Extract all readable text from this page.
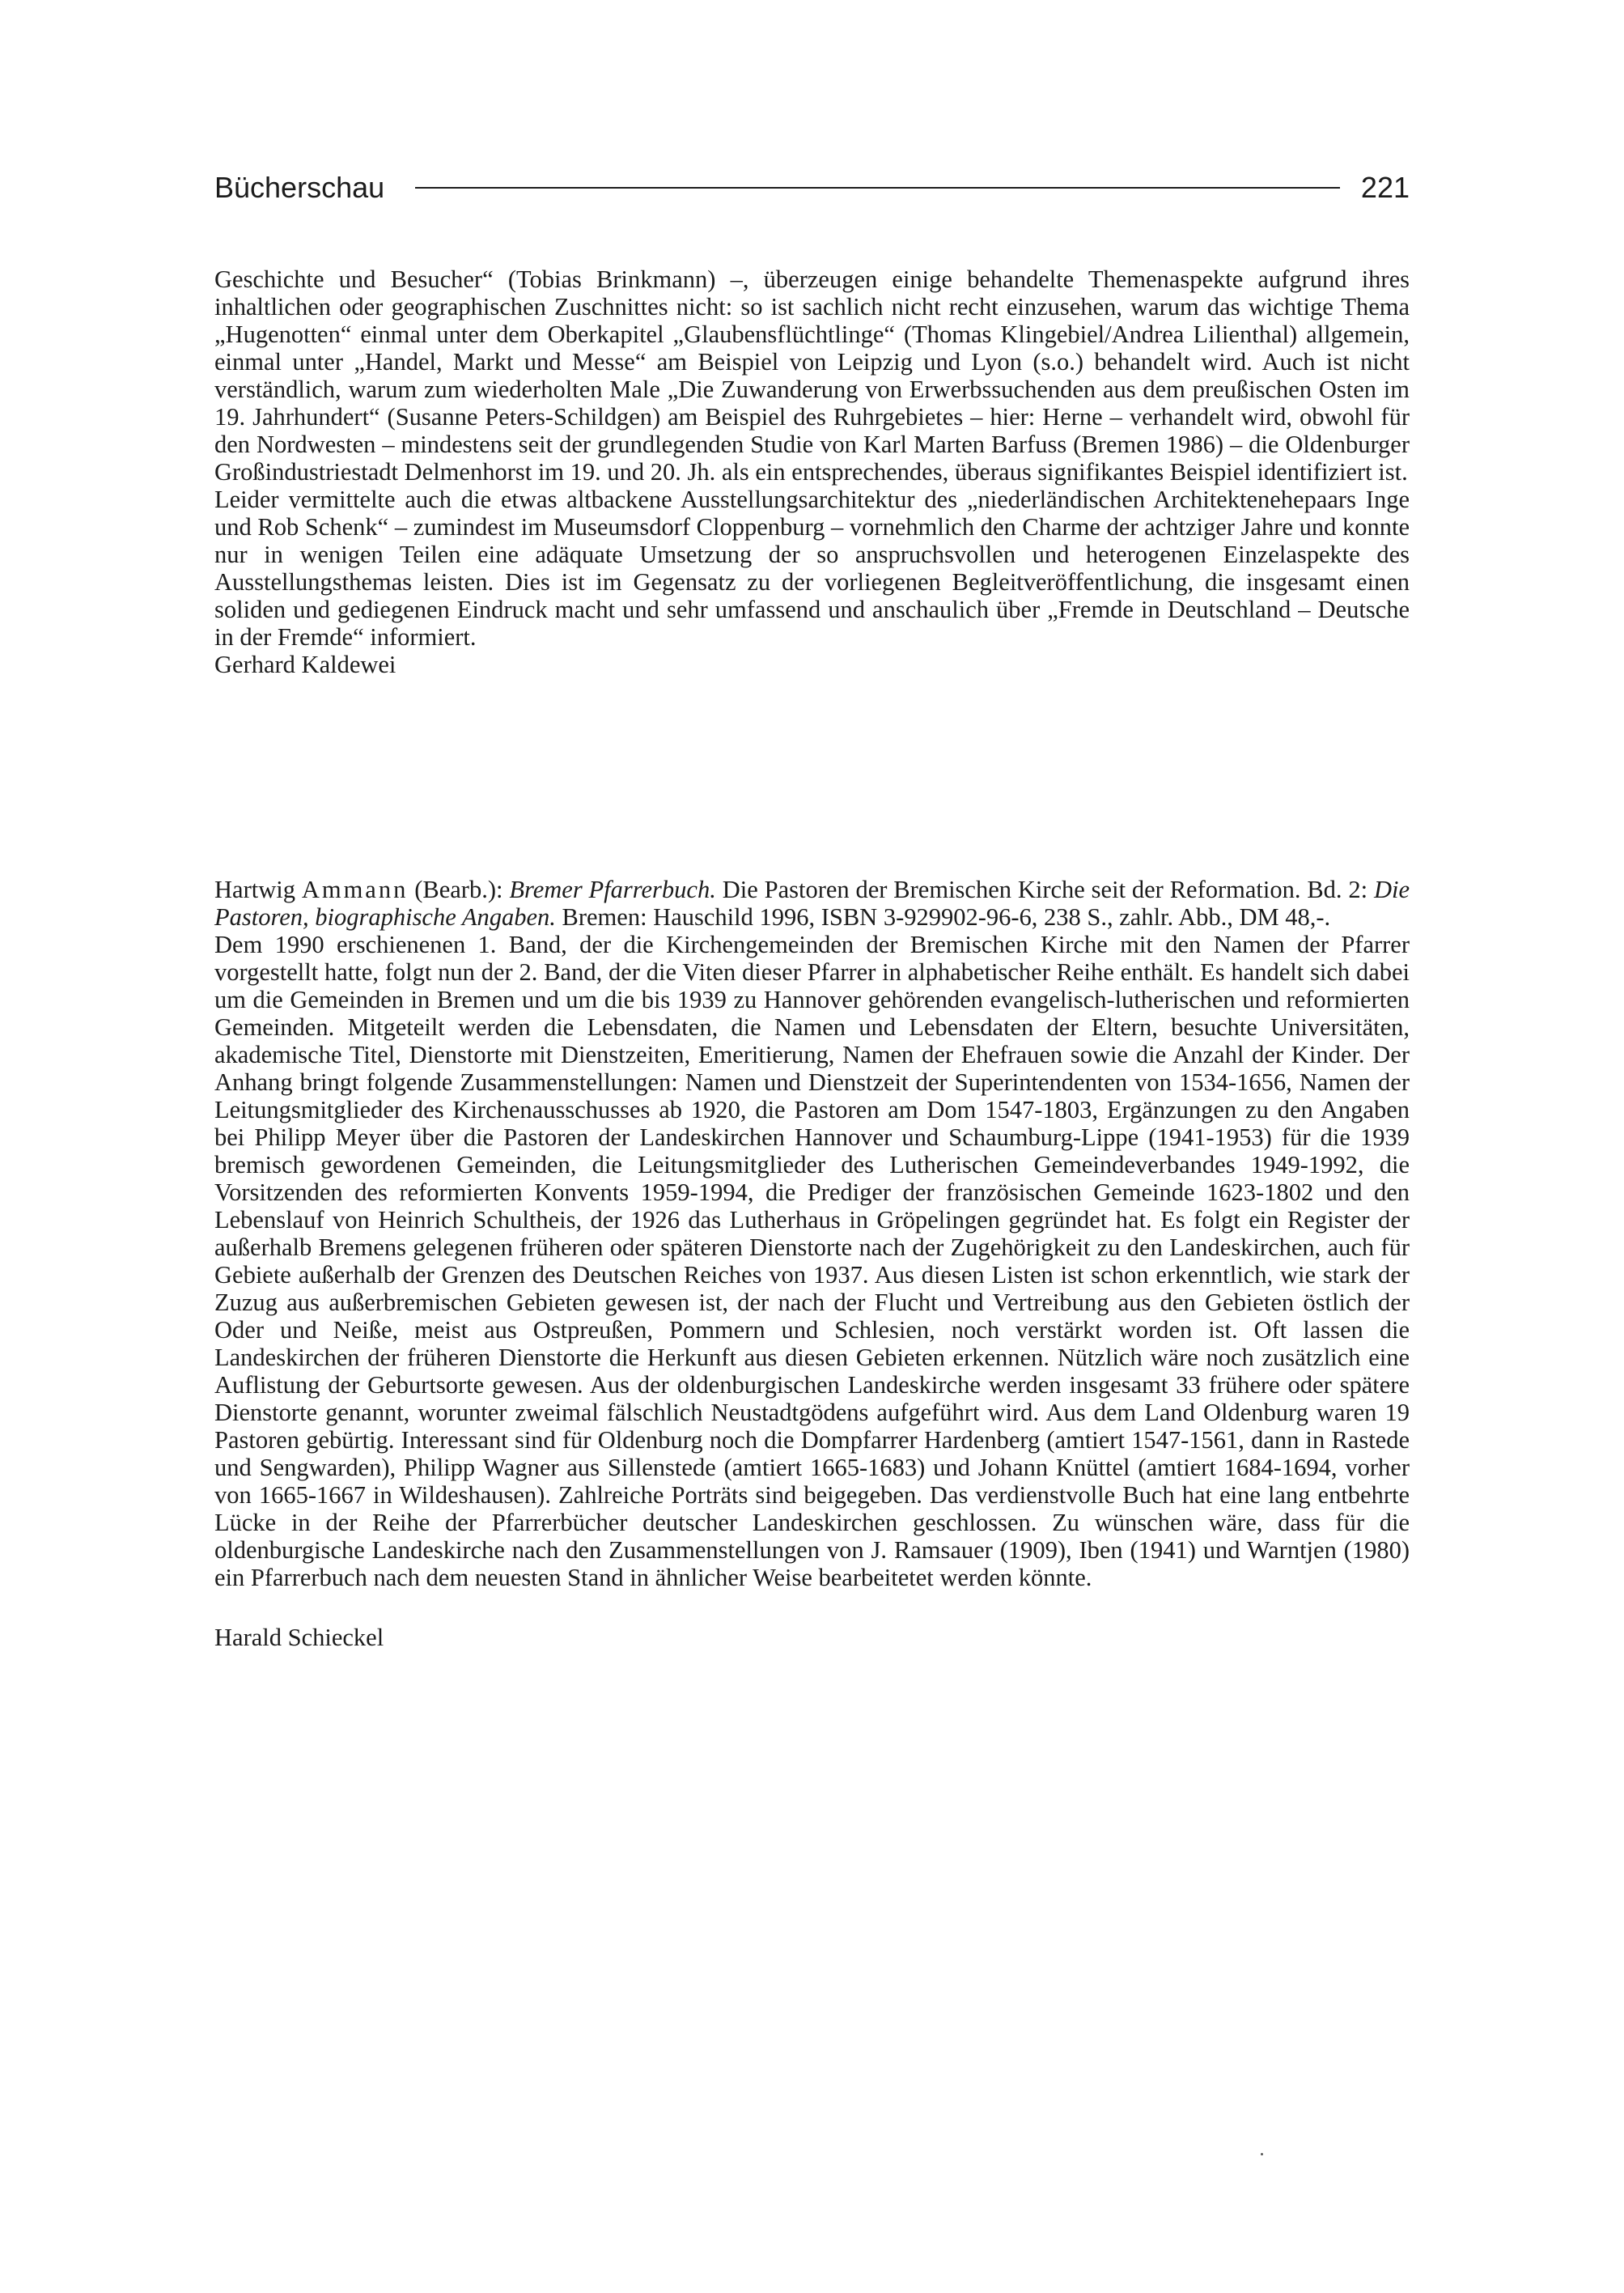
Bücherschau	221

Geschichte und Besucher“ (Tobias Brinkmann) –, überzeugen einige behandelte Themenaspekte aufgrund ihres inhaltlichen oder geographischen Zuschnittes nicht: so ist sachlich nicht recht einzusehen, warum das wichtige Thema „Hugenotten“ einmal unter dem Oberkapitel „Glaubensflüchtlinge“ (Thomas Klingebiel/Andrea Lilienthal) allgemein, einmal unter „Handel, Markt und Messe“ am Beispiel von Leipzig und Lyon (s.o.) behandelt wird. Auch ist nicht verständlich, warum zum wiederholten Male „Die Zuwanderung von Erwerbssuchenden aus dem preußischen Osten im 19. Jahrhundert“ (Susanne Peters-Schildgen) am Beispiel des Ruhrgebietes – hier: Herne – verhandelt wird, obwohl für den Nordwesten – mindestens seit der grundlegenden Studie von Karl Marten Barfuss (Bremen 1986) – die Oldenburger Großindustriestadt Delmenhorst im 19. und 20. Jh. als ein entsprechendes, überaus signifikantes Beispiel identifiziert ist.

Leider vermittelte auch die etwas altbackene Ausstellungsarchitektur des „niederländischen Architektenehepaars Inge und Rob Schenk“ – zumindest im Museumsdorf Cloppenburg – vornehmlich den Charme der achtziger Jahre und konnte nur in wenigen Teilen eine adäquate Umsetzung der so anspruchsvollen und heterogenen Einzelaspekte des Ausstellungsthemas leisten. Dies ist im Gegensatz zu der vorliegenen Begleitveröffentlichung, die insgesamt einen soliden und gediegenen Eindruck macht und sehr umfassend und anschaulich über „Fremde in Deutschland – Deutsche in der Fremde“ informiert.

Gerhard Kaldewei

Hartwig Ammann (Bearb.): Bremer Pfarrerbuch. Die Pastoren der Bremischen Kirche seit der Reformation. Bd. 2: Die Pastoren, biographische Angaben. Bremen: Hauschild 1996, ISBN 3-929902-96-6, 238 S., zahlr. Abb., DM 48,-.

Dem 1990 erschienenen 1. Band, der die Kirchengemeinden der Bremischen Kirche mit den Namen der Pfarrer vorgestellt hatte, folgt nun der 2. Band, der die Viten dieser Pfarrer in alphabetischer Reihe enthält. Es handelt sich dabei um die Gemeinden in Bremen und um die bis 1939 zu Hannover gehörenden evangelisch-lutherischen und reformierten Gemeinden. Mitgeteilt werden die Lebensdaten, die Namen und Lebensdaten der Eltern, besuchte Universitäten, akademische Titel, Dienstorte mit Dienstzeiten, Emeritierung, Namen der Ehefrauen sowie die Anzahl der Kinder. Der Anhang bringt folgende Zusammenstellungen: Namen und Dienstzeit der Superintendenten von 1534-1656, Namen der Leitungsmitglieder des Kirchenausschusses ab 1920, die Pastoren am Dom 1547-1803, Ergänzungen zu den Angaben bei Philipp Meyer über die Pastoren der Landeskirchen Hannover und Schaumburg-Lippe (1941-1953) für die 1939 bremisch gewordenen Gemeinden, die Leitungsmitglieder des Lutherischen Gemeindeverbandes 1949-1992, die Vorsitzenden des reformierten Konvents 1959-1994, die Prediger der französischen Gemeinde 1623-1802 und den Lebenslauf von Heinrich Schultheis, der 1926 das Lutherhaus in Gröpelingen gegründet hat. Es folgt ein Register der außerhalb Bremens gelegenen früheren oder späteren Dienstorte nach der Zugehörigkeit zu den Landeskirchen, auch für Gebiete außerhalb der Grenzen des Deutschen Reiches von 1937. Aus diesen Listen ist schon erkenntlich, wie stark der Zuzug aus außerbremischen Gebieten gewesen ist, der nach der Flucht und Vertreibung aus den Gebieten östlich der Oder und Neiße, meist aus Ostpreußen, Pommern und Schlesien, noch verstärkt worden ist. Oft lassen die Landeskirchen der früheren Dienstorte die Herkunft aus diesen Gebieten erkennen. Nützlich wäre noch zusätzlich eine Auflistung der Geburtsorte gewesen. Aus der oldenburgischen Landeskirche werden insgesamt 33 frühere oder spätere Dienstorte genannt, worunter zweimal fälschlich Neustadtgödens aufgeführt wird. Aus dem Land Oldenburg waren 19 Pastoren gebürtig. Interessant sind für Oldenburg noch die Dompfarrer Hardenberg (amtiert 1547-1561, dann in Rastede und Sengwarden), Philipp Wagner aus Sillenstede (amtiert 1665-1683) und Johann Knüttel (amtiert 1684-1694, vorher von 1665-1667 in Wildeshausen). Zahlreiche Porträts sind beigegeben. Das verdienstvolle Buch hat eine lang entbehrte Lücke in der Reihe der Pfarrerbücher deutscher Landeskirchen geschlossen. Zu wünschen wäre, dass für die oldenburgische Landeskirche nach den Zusammenstellungen von J. Ramsauer (1909), Iben (1941) und Warntjen (1980) ein Pfarrerbuch nach dem neuesten Stand in ähnlicher Weise bearbeitetet werden könnte.

Harald Schieckel
